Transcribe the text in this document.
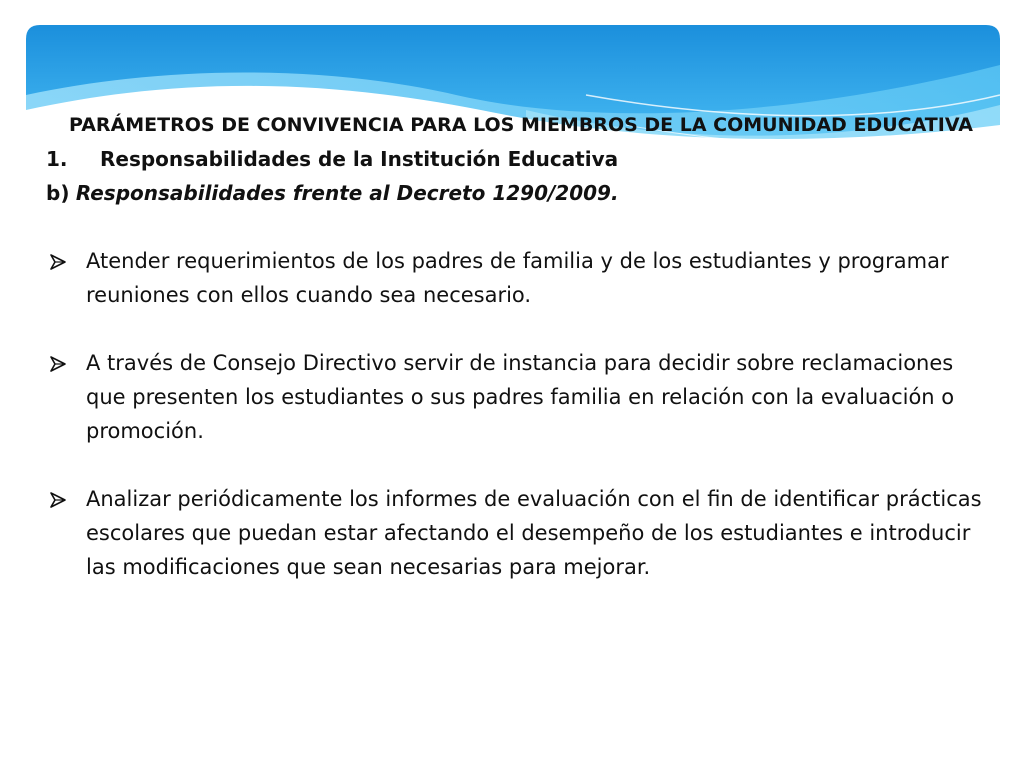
PARÁMETROS DE CONVIVENCIA PARA LOS MIEMBROS DE LA COMUNIDAD EDUCATIVA

1. Responsabilidades de la Institución Educativa

b) Responsabilidades frente al Decreto 1290/2009.

Atender requerimientos de los padres de familia y de los estudiantes y programar reuniones con ellos cuando sea necesario.
A través de Consejo Directivo servir de instancia para decidir sobre reclamaciones que presenten los estudiantes o sus padres familia en relación con la evaluación o promoción.
Analizar periódicamente los informes de evaluación con el fin de identificar prácticas escolares que puedan estar afectando el desempeño de los estudiantes e introducir las modificaciones que sean necesarias para mejorar.
